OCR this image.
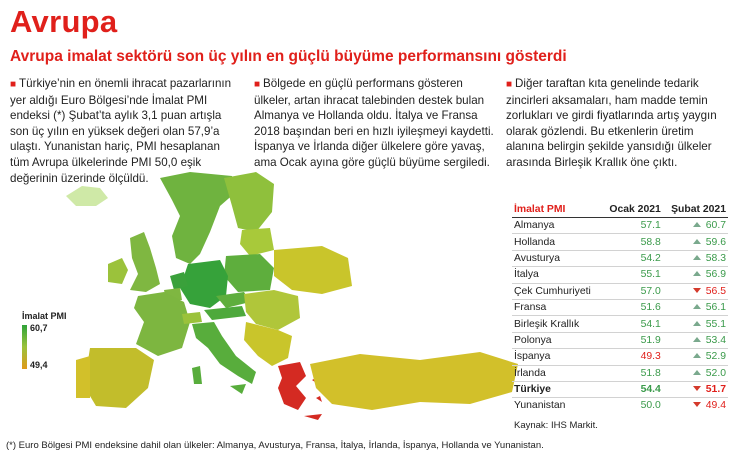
Avrupa
Avrupa imalat sektörü son üç yılın en güçlü büyüme performansını gösterdi
■ Türkiye’nin en önemli ihracat pazarlarının yer aldığı Euro Bölgesi’nde İmalat PMI endeksi (*) Şubat’ta aylık 3,1 puan artışla son üç yılın en yüksek değeri olan 57,9’a ulaştı. Yunanistan hariç, PMI hesaplanan tüm Avrupa ülkelerinde PMI 50,0 eşik değerinin üzerinde ölçüldü.
■ Bölgede en güçlü performans gösteren ülkeler, artan ihracat talebinden destek bulan Almanya ve Hollanda oldu. İtalya ve Fransa 2018 başından beri en hızlı iyileşmeyi kaydetti. İspanya ve İrlanda diğer ülkelere göre yavaş, ama Ocak ayına göre güçlü büyüme sergiledi.
■ Diğer taraftan kıta genelinde tedarik zincirleri aksamaları, ham madde temin zorlukları ve girdi fiyatlarında artış yaygın olarak gözlendi. Bu etkenlerin üretim alanına belirgin şekilde yansıdığı ülkeler arasında Birleşik Krallık öne çıktı.
İmalat PMI
60,7
49,4
İmalat PMI	Ocak 2021	Şubat 2021
Almanya	57.1	60.7
Hollanda	58.8	59.6
Avusturya	54.2	58.3
İtalya	55.1	56.9
Çek Cumhuriyeti	57.0	56.5
Fransa	51.6	56.1
Birleşik Krallık	54.1	55.1
Polonya	51.9	53.4
İspanya	49.3	52.9
İrlanda	51.8	52.0
Türkiye	54.4	51.7
Yunanistan	50.0	49.4
Kaynak: IHS Markit.
(*) Euro Bölgesi PMI endeksine dahil olan ülkeler: Almanya, Avusturya, Fransa, İtalya, İrlanda, İspanya, Hollanda ve Yunanistan.
